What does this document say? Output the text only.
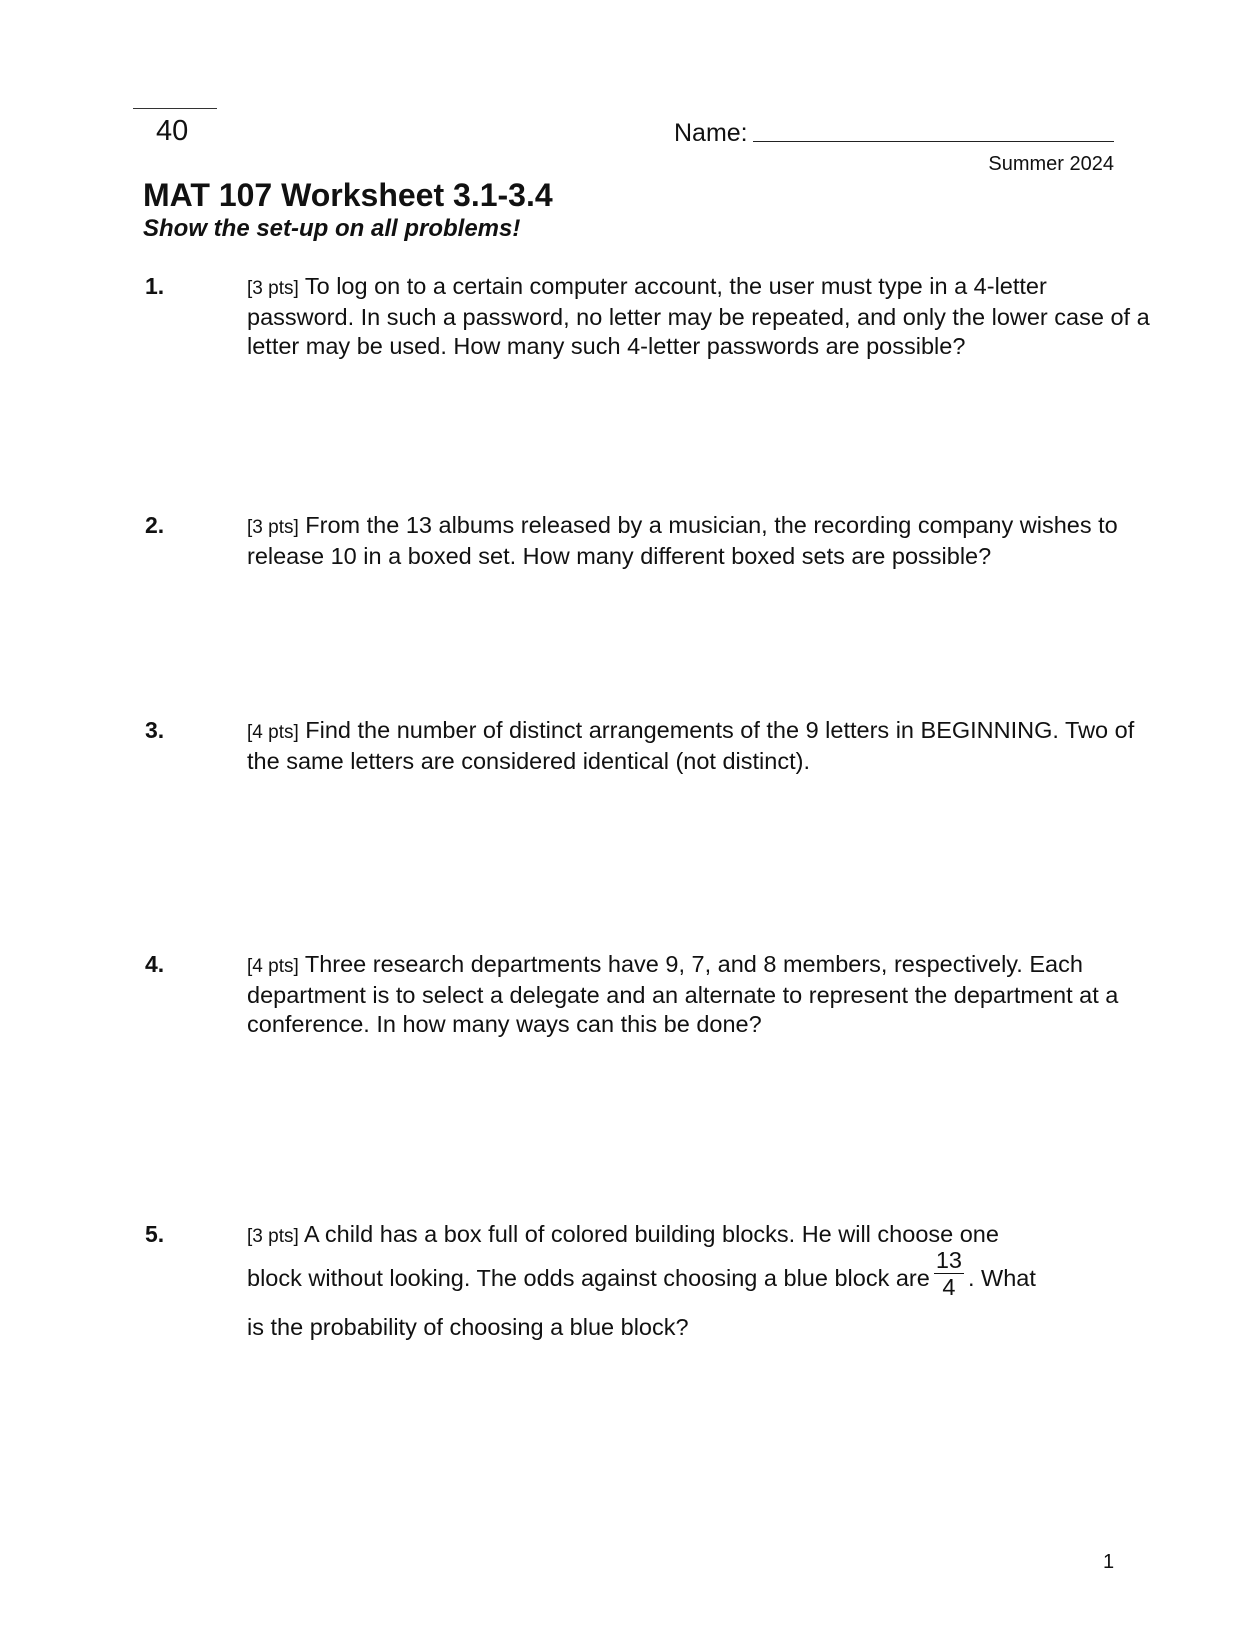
40	Name:
Summer 2024
MAT 107 Worksheet 3.1-3.4
Show the set-up on all problems!
1.	[3 pts] To log on to a certain computer account, the user must type in a 4-letter password. In such a password, no letter may be repeated, and only the lower case of a letter may be used. How many such 4-letter passwords are possible?
2.	[3 pts] From the 13 albums released by a musician, the recording company wishes to release 10 in a boxed set. How many different boxed sets are possible?
3.	[4 pts] Find the number of distinct arrangements of the 9 letters in BEGINNING. Two of the same letters are considered identical (not distinct).
4.	[4 pts] Three research departments have 9, 7, and 8 members, respectively. Each department is to select a delegate and an alternate to represent the department at a conference. In how many ways can this be done?
5.	[3 pts] A child has a box full of colored building blocks. He will choose one
block without looking. The odds against choosing a blue block are $\frac{13}{4}$ . What
is the probability of choosing a blue block?
1
